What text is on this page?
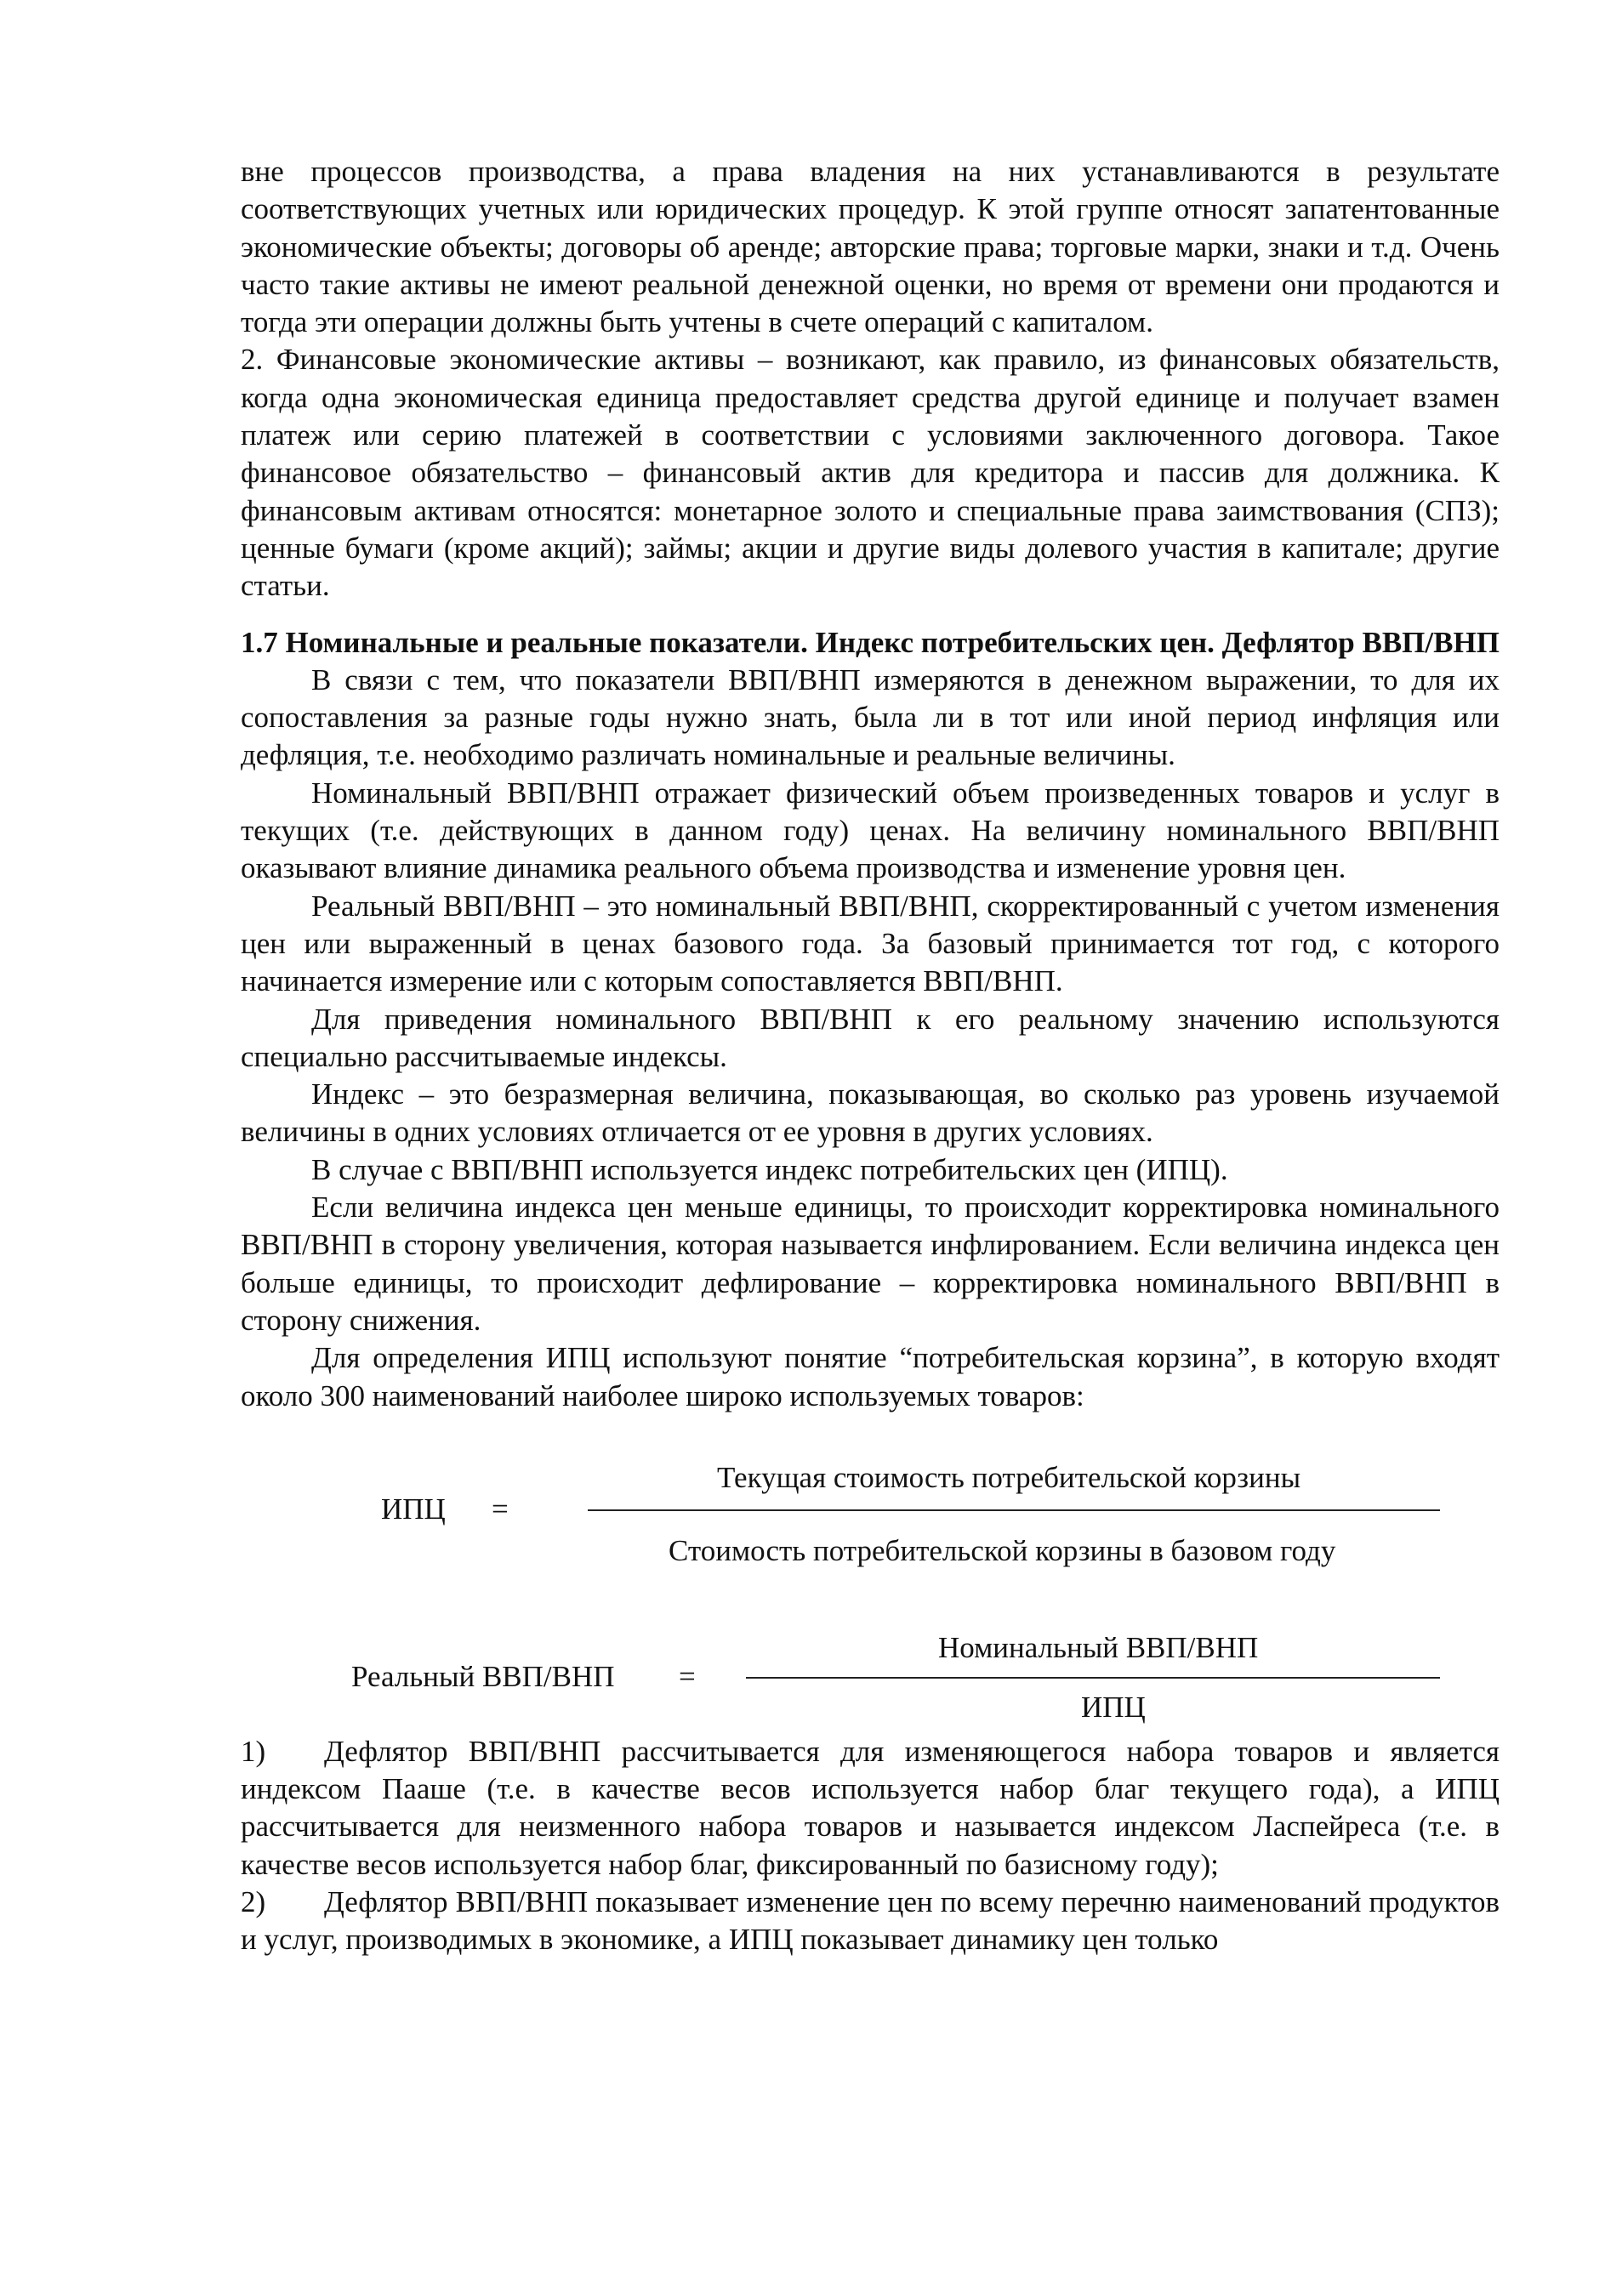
вне процессов производства, а права владения на них устанавливаются в результате соответствующих учетных или юридических процедур. К этой группе относят запатентованные экономические объекты; договоры об аренде; авторские права; торговые марки, знаки и т.д. Очень часто такие активы не имеют реальной денежной оценки, но время от времени они продаются и тогда эти операции должны быть учтены в счете операций с капиталом.

2. Финансовые экономические активы – возникают, как правило, из финансовых обязательств, когда одна экономическая единица предоставляет средства другой единице и получает взамен платеж или серию платежей в соответствии с условиями заключенного договора. Такое финансовое обязательство – финансовый актив для кредитора и пассив для должника. К финансовым активам относятся: монетарное золото и специальные права заимствования (СПЗ); ценные бумаги (кроме акций); займы; акции и другие виды долевого участия в капитале; другие статьи.

1.7 Номинальные и реальные показатели. Индекс потребительских цен. Дефлятор ВВП/ВНП

В связи с тем, что показатели ВВП/ВНП измеряются в денежном выражении, то для их сопоставления за разные годы нужно знать, была ли в тот или иной период инфляция или дефляция, т.е. необходимо различать номинальные и реальные величины.

Номинальный ВВП/ВНП отражает физический объем произведенных товаров и услуг в текущих (т.е. действующих в данном году) ценах. На величину номинального ВВП/ВНП оказывают влияние динамика реального объема производства и изменение уровня цен.

Реальный ВВП/ВНП – это номинальный ВВП/ВНП, скорректированный с учетом изменения цен или выраженный в ценах базового года. За базовый принимается тот год, с которого начинается измерение или с которым сопоставляется ВВП/ВНП.

Для приведения номинального ВВП/ВНП к его реальному значению используются специально рассчитываемые индексы.

Индекс – это безразмерная величина, показывающая, во сколько раз уровень изучаемой величины в одних условиях отличается от ее уровня в других условиях.

В случае с ВВП/ВНП используется индекс потребительских цен (ИПЦ).

Если величина индекса цен меньше единицы, то происходит корректировка номинального ВВП/ВНП в сторону увеличения, которая называется инфлированием. Если величина индекса цен больше единицы, то происходит дефлирование – корректировка номинального ВВП/ВНП в сторону снижения.

Для определения ИПЦ используют понятие “потребительская корзина”, в которую входят около 300 наименований наиболее широко используемых товаров:

ИПЦ =
Текущая стоимость потребительской корзины
Стоимость потребительской корзины в базовом году
Реальный ВВП/ВНП =
Номинальный ВВП/ВНП
ИПЦ

1) Дефлятор ВВП/ВНП рассчитывается для изменяющегося набора товаров и является индексом Пааше (т.е. в качестве весов используется набор благ текущего года), а ИПЦ рассчитывается для неизменного набора товаров и называется индексом Ласпейреса (т.е. в качестве весов используется набор благ, фиксированный по базисному году);

2) Дефлятор ВВП/ВНП показывает изменение цен по всему перечню наименований продуктов и услуг, производимых в экономике, а ИПЦ показывает динамику цен только
